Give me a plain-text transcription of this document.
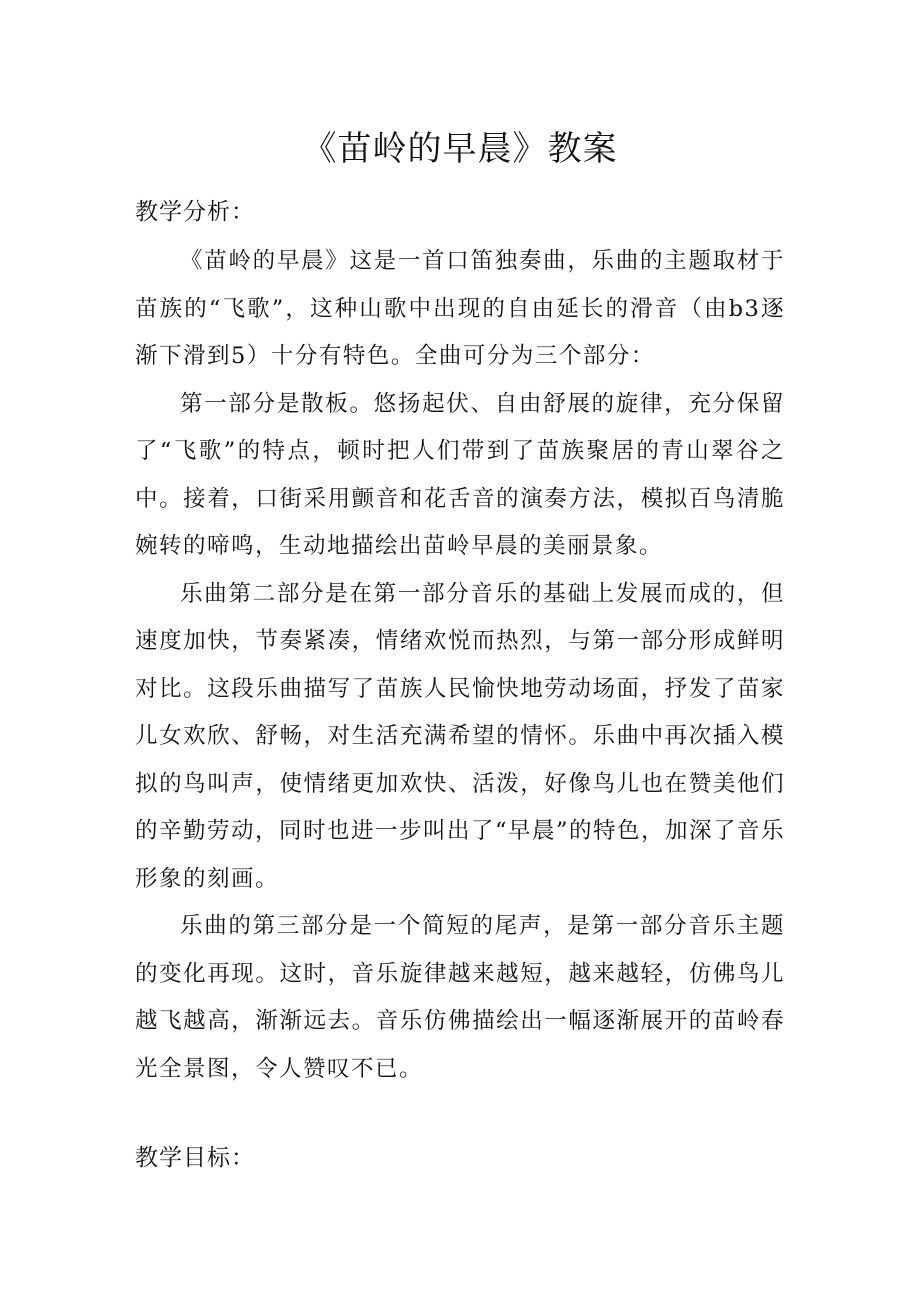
《苗岭的早晨》教案
教学分析：

《苗岭的早晨》这是一首口笛独奏曲，乐曲的主题取材于苗族的“飞歌”，这种山歌中出现的自由延长的滑音（由b3逐渐下滑到5）十分有特色。全曲可分为三个部分：

第一部分是散板。悠扬起伏、自由舒展的旋律，充分保留了“飞歌”的特点，顿时把人们带到了苗族聚居的青山翠谷之中。接着，口街采用颤音和花舌音的演奏方法，模拟百鸟清脆婉转的啼鸣，生动地描绘出苗岭早晨的美丽景象。

乐曲第二部分是在第一部分音乐的基础上发展而成的，但速度加快，节奏紧凑，情绪欢悦而热烈，与第一部分形成鲜明对比。这段乐曲描写了苗族人民愉快地劳动场面，抒发了苗家儿女欢欣、舒畅，对生活充满希望的情怀。乐曲中再次插入模拟的鸟叫声，使情绪更加欢快、活泼，好像鸟儿也在赞美他们的辛勤劳动，同时也进一步叫出了“早晨”的特色，加深了音乐形象的刻画。

乐曲的第三部分是一个简短的尾声，是第一部分音乐主题的变化再现。这时，音乐旋律越来越短，越来越轻，仿佛鸟儿越飞越高，渐渐远去。音乐仿佛描绘出一幅逐渐展开的苗岭春光全景图，令人赞叹不已。

教学目标：
